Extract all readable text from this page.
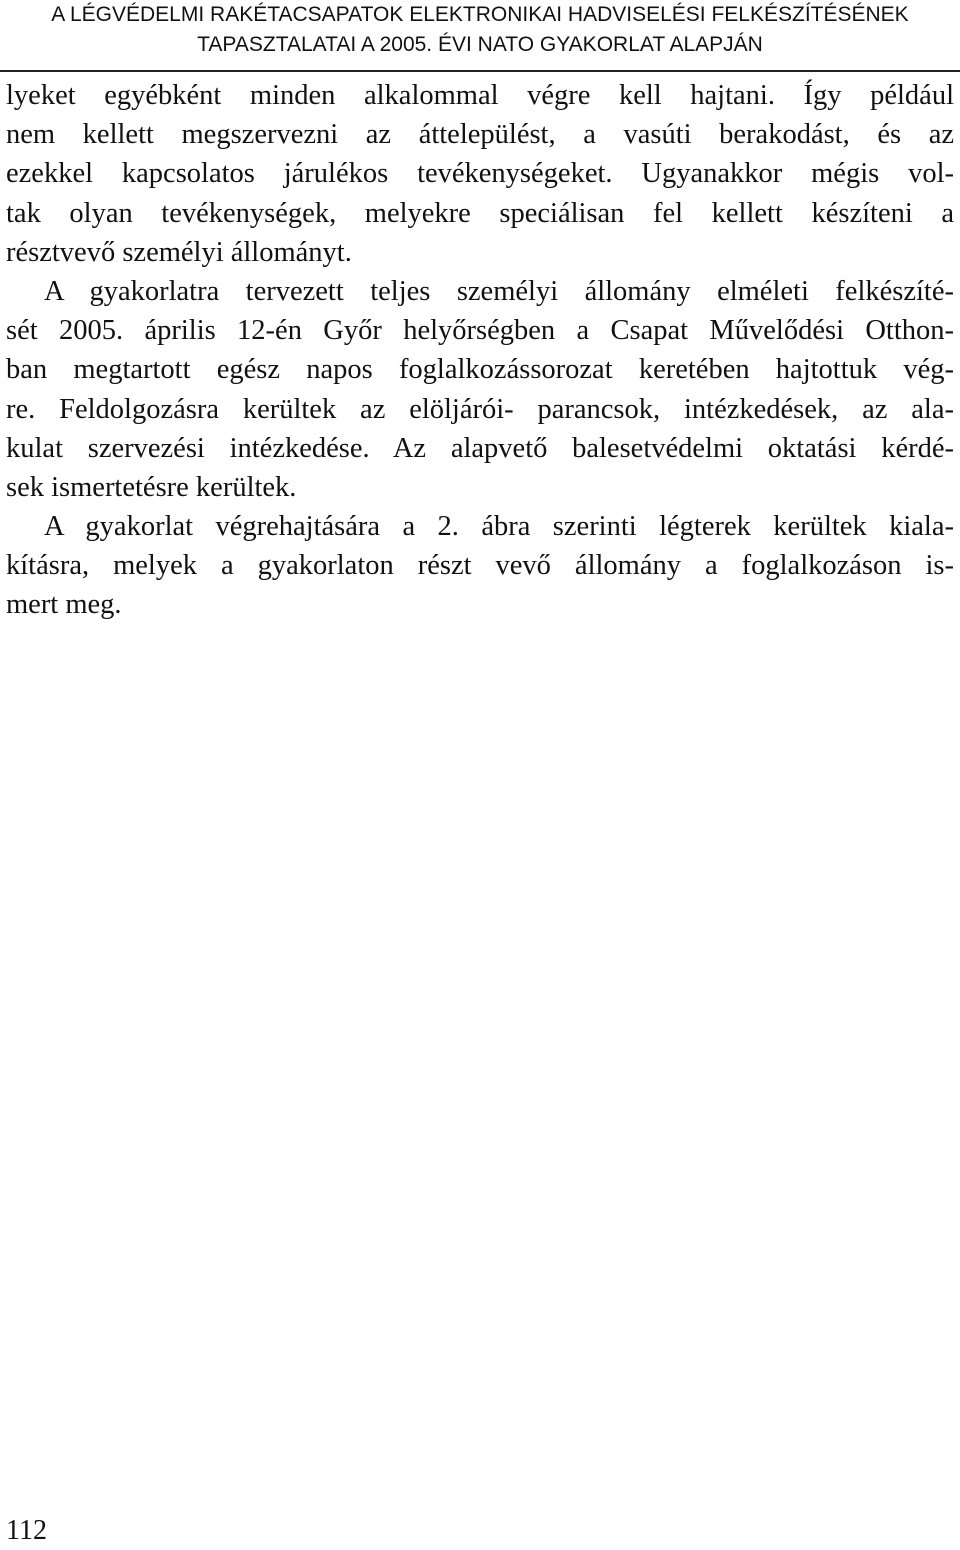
A LÉGVÉDELMI RAKÉTACSAPATOK ELEKTRONIKAI HADVISELÉSI FELKÉSZÍTÉSÉNEK
TAPASZTALATAI A 2005. ÉVI NATO GYAKORLAT ALAPJÁN
lyeket egyébként minden alkalommal végre kell hajtani. Így például
nem kellett megszervezni az áttelepülést, a vasúti berakodást, és az
ezekkel kapcsolatos járulékos tevékenységeket. Ugyanakkor mégis vol-
tak olyan tevékenységek, melyekre speciálisan fel kellett készíteni a
résztvevő személyi állományt.
A gyakorlatra tervezett teljes személyi állomány elméleti felkészíté-
sét 2005. április 12-én Győr helyőrségben a Csapat Művelődési Otthon-
ban megtartott egész napos foglalkozássorozat keretében hajtottuk vég-
re. Feldolgozásra kerültek az elöljárói- parancsok, intézkedések, az ala-
kulat szervezési intézkedése. Az alapvető balesetvédelmi oktatási kérdé-
sek ismertetésre kerültek.
A gyakorlat végrehajtására a 2. ábra szerinti légterek kerültek kiala-
kításra, melyek a gyakorlaton részt vevő állomány a foglalkozáson is-
mert meg.
112
